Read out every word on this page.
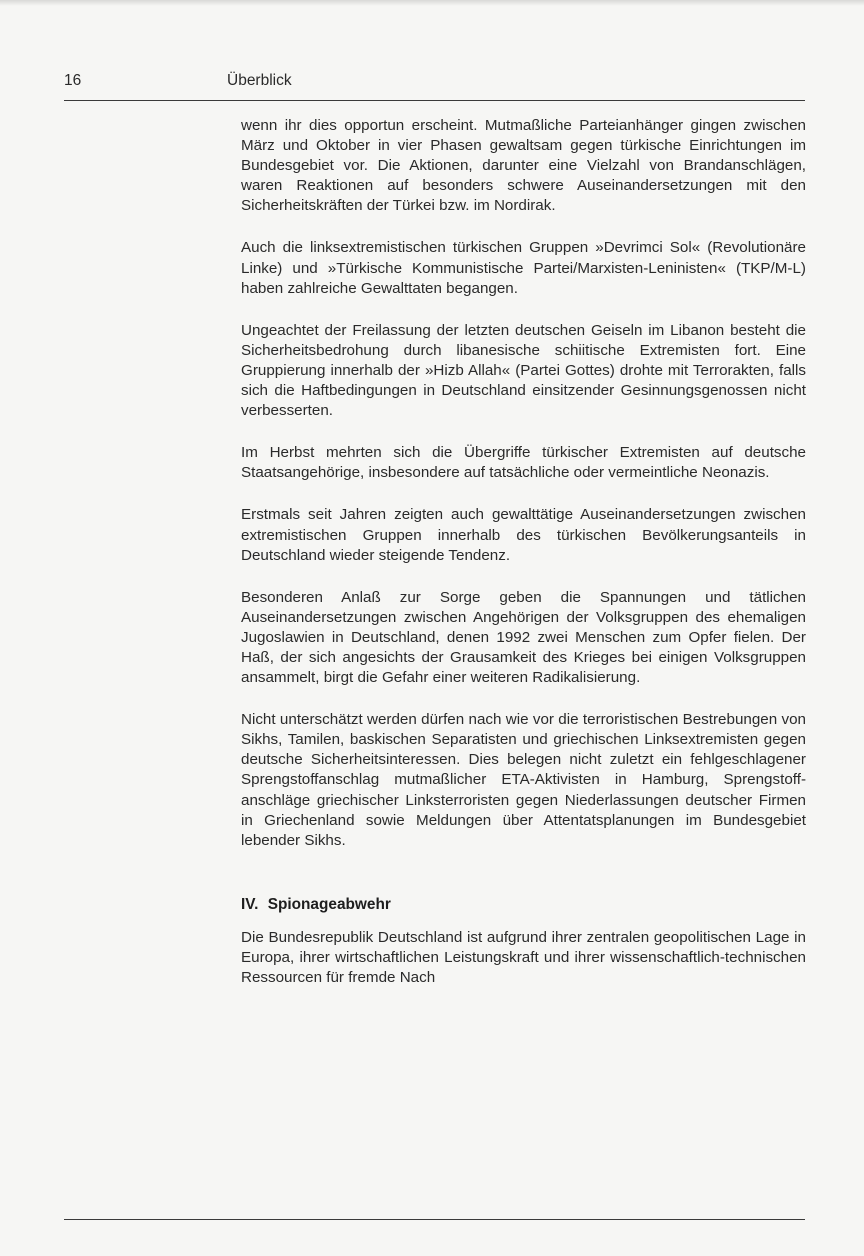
16	Überblick

wenn ihr dies opportun erscheint. Mutmaßliche Parteianhänger gingen zwischen März und Oktober in vier Phasen gewaltsam gegen türkische Einrichtungen im Bundesgebiet vor. Die Aktionen, darunter eine Vielzahl von Brandanschlägen, waren Reaktionen auf besonders schwere Auseinandersetzungen mit den Sicherheitskräften der Türkei bzw. im Nordirak.

Auch die linksextremistischen türkischen Gruppen »Devrimci Sol« (Revolutionäre Linke) und »Türkische Kommunistische Partei/Marxisten-Leninisten« (TKP/M-L) haben zahlreiche Gewalttaten begangen.

Ungeachtet der Freilassung der letzten deutschen Geiseln im Libanon besteht die Sicherheitsbedrohung durch libanesische schiitische Extremisten fort. Eine Gruppierung innerhalb der »Hizb Allah« (Partei Gottes) drohte mit Terrorakten, falls sich die Haftbedingungen in Deutschland einsitzender Gesinnungsgenossen nicht verbesserten.

Im Herbst mehrten sich die Übergriffe türkischer Extremisten auf deutsche Staatsangehörige, insbesondere auf tatsächliche oder vermeintliche Neonazis.

Erstmals seit Jahren zeigten auch gewalttätige Auseinandersetzungen zwischen extremistischen Gruppen innerhalb des türkischen Bevölkerungsanteils in Deutschland wieder steigende Tendenz.

Besonderen Anlaß zur Sorge geben die Spannungen und tätlichen Auseinandersetzungen zwischen Angehörigen der Volksgruppen des ehemaligen Jugoslawien in Deutschland, denen 1992 zwei Menschen zum Opfer fielen. Der Haß, der sich angesichts der Grausamkeit des Krieges bei einigen Volksgruppen ansammelt, birgt die Gefahr einer weiteren Radikalisierung.

Nicht unterschätzt werden dürfen nach wie vor die terroristischen Bestrebungen von Sikhs, Tamilen, baskischen Separatisten und griechischen Linksextremisten gegen deutsche Sicherheitsinteressen. Dies belegen nicht zuletzt ein fehlgeschlagener Sprengstoffanschlag mutmaßlicher ETA-Aktivisten in Hamburg, Sprengstoffanschläge griechischer Linksterroristen gegen Niederlassungen deutscher Firmen in Griechenland sowie Meldungen über Attentatsplanungen im Bundesgebiet lebender Sikhs.

IV. Spionageabwehr

Die Bundesrepublik Deutschland ist aufgrund ihrer zentralen geopolitischen Lage in Europa, ihrer wirtschaftlichen Leistungskraft und ihrer wissenschaftlich-technischen Ressourcen für fremde Nach
